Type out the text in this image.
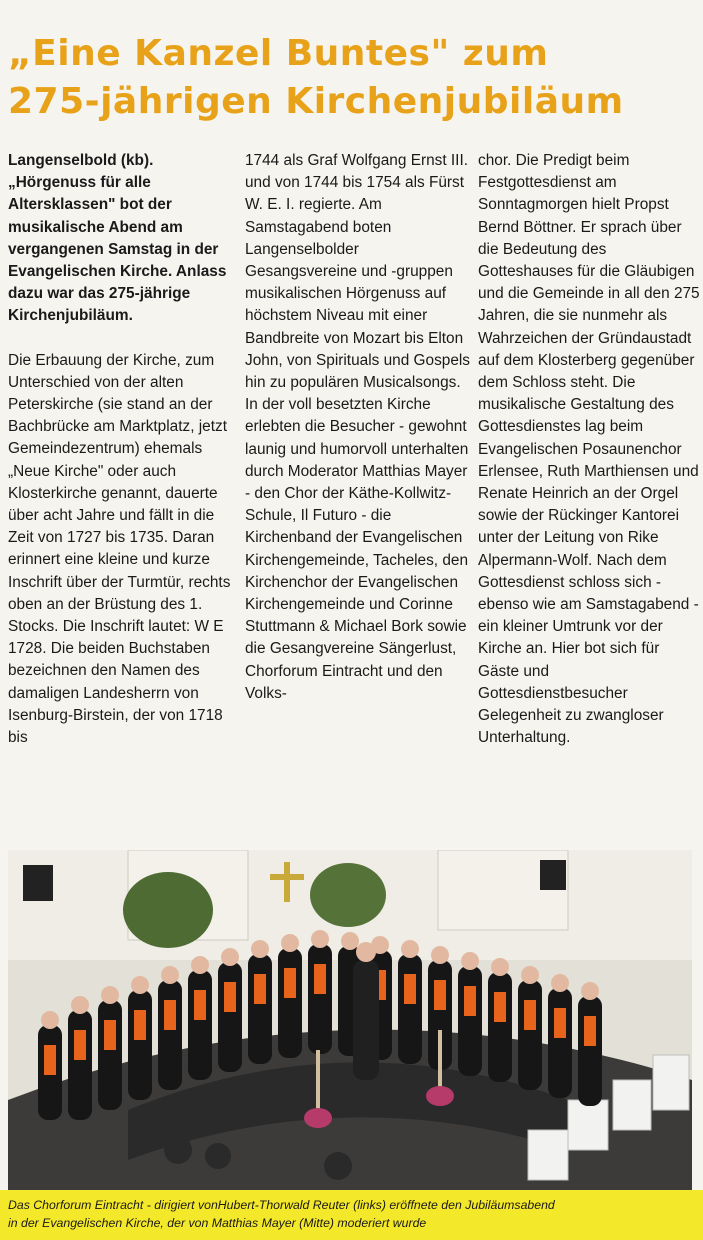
„Eine Kanzel Buntes" zum
275-jährigen Kirchenjubiläum

Langenselbold (kb). „Hörgenuss für alle Altersklassen" bot der musikalische Abend am vergangenen Samstag in der Evangelischen Kirche. Anlass dazu war das 275-jährige Kirchenjubiläum.

Die Erbauung der Kirche, zum Unterschied von der alten Peterskirche (sie stand an der Bachbrücke am Marktplatz, jetzt Gemeindezentrum) ehemals „Neue Kirche" oder auch Klosterkirche genannt, dauerte über acht Jahre und fällt in die Zeit von 1727 bis 1735. Daran erinnert eine kleine und kurze Inschrift über der Turmtür, rechts oben an der Brüstung des 1. Stocks. Die Inschrift lautet: W E 1728. Die beiden Buchstaben bezeichnen den Namen des damaligen Landesherrn von Isenburg-Birstein, der von 1718 bis

1744 als Graf Wolfgang Ernst III. und von 1744 bis 1754 als Fürst W. E. I. regierte. Am Samstagabend boten Langenselbolder Gesangsvereine und -gruppen musikalischen Hörgenuss auf höchstem Niveau mit einer Bandbreite von Mozart bis Elton John, von Spirituals und Gospels hin zu populären Musicalsongs.

In der voll besetzten Kirche erlebten die Besucher - gewohnt launig und humorvoll unterhalten durch Moderator Matthias Mayer - den Chor der Käthe-Kollwitz-Schule, Il Futuro - die Kirchenband der Evangelischen Kirchengemeinde, Tacheles, den Kirchenchor der Evangelischen Kirchengemeinde und Corinne Stuttmann & Michael Bork sowie die Gesangvereine Sängerlust, Chorforum Eintracht und den Volks-

chor. Die Predigt beim Festgottesdienst am Sonntagmorgen hielt Propst Bernd Böttner. Er sprach über die Bedeutung des Gotteshauses für die Gläubigen und die Gemeinde in all den 275 Jahren, die sie nunmehr als Wahrzeichen der Gründaustadt auf dem Klosterberg gegenüber dem Schloss steht. Die musikalische Gestaltung des Gottesdienstes lag beim Evangelischen Posaunenchor Erlensee, Ruth Marthiensen und Renate Heinrich an der Orgel sowie der Rückinger Kantorei unter der Leitung von Rike Alpermann-Wolf. Nach dem Gottesdienst schloss sich - ebenso wie am Samstagabend - ein kleiner Umtrunk vor der Kirche an. Hier bot sich für Gäste und Gottesdienstbesucher Gelegenheit zu zwangloser Unterhaltung.

Das Chorforum Eintracht - dirigiert vonHubert-Thorwald Reuter (links) eröffnete den Jubiläumsabend
in der Evangelischen Kirche, der von Matthias Mayer (Mitte) moderiert wurde
